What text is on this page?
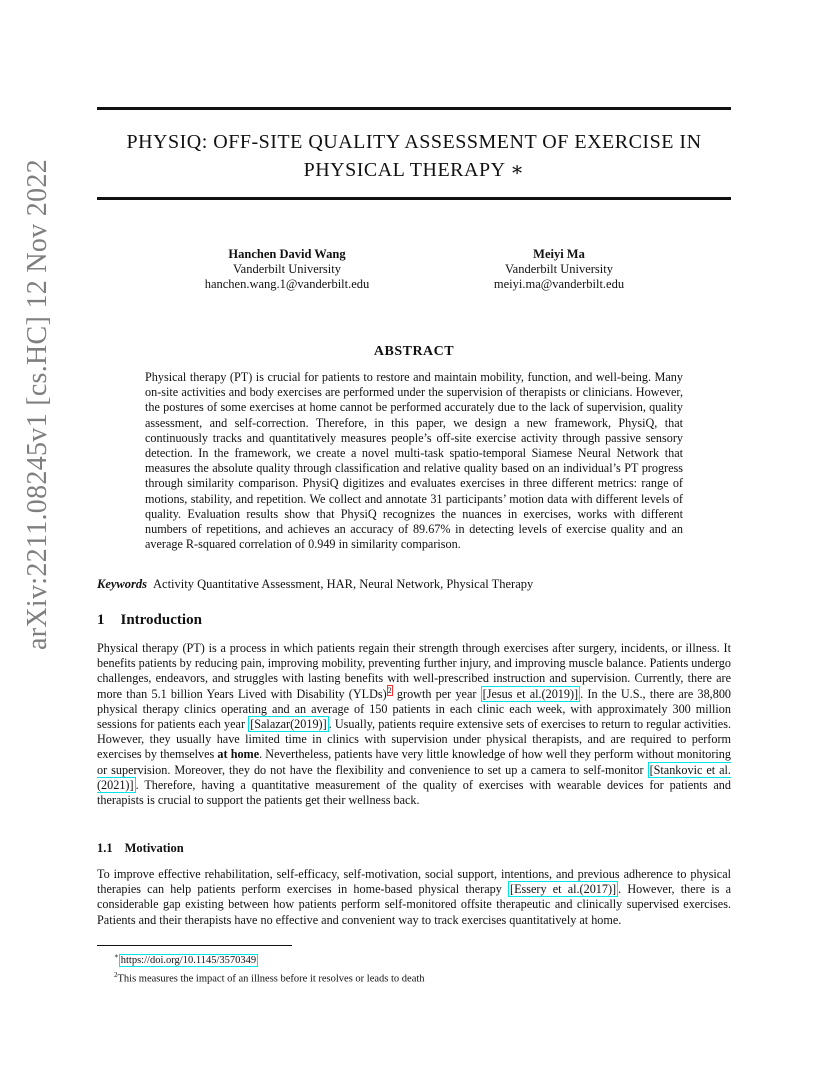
arXiv:2211.08245v1 [cs.HC] 12 Nov 2022
PHYSIQ: OFF-SITE QUALITY ASSESSMENT OF EXERCISE IN
PHYSICAL THERAPY ∗
Hanchen David Wang
Vanderbilt University
hanchen.wang.1@vanderbilt.edu
Meiyi Ma
Vanderbilt University
meiyi.ma@vanderbilt.edu
ABSTRACT
Physical therapy (PT) is crucial for patients to restore and maintain mobility, function, and well-being. Many on-site activities and body exercises are performed under the supervision of therapists or clinicians. However, the postures of some exercises at home cannot be performed accurately due to the lack of supervision, quality assessment, and self-correction. Therefore, in this paper, we design a new framework, PhysiQ, that continuously tracks and quantitatively measures people’s off-site exercise activity through passive sensory detection. In the framework, we create a novel multi-task spatio-temporal Siamese Neural Network that measures the absolute quality through classification and relative quality based on an individual’s PT progress through similarity comparison. PhysiQ digitizes and evaluates exercises in three different metrics: range of motions, stability, and repetition. We collect and annotate 31 participants’ motion data with different levels of quality. Evaluation results show that PhysiQ recognizes the nuances in exercises, works with different numbers of repetitions, and achieves an accuracy of 89.67% in detecting levels of exercise quality and an average R-squared correlation of 0.949 in similarity comparison.
Keywords Activity Quantitative Assessment, HAR, Neural Network, Physical Therapy
1 Introduction
Physical therapy (PT) is a process in which patients regain their strength through exercises after surgery, incidents, or illness. It benefits patients by reducing pain, improving mobility, preventing further injury, and improving muscle balance. Patients undergo challenges, endeavors, and struggles with lasting benefits with well-prescribed instruction and supervision. Currently, there are more than 5.1 billion Years Lived with Disability (YLDs)$^2$ growth per year [Jesus et al.(2019)] . In the U.S., there are 38,800 physical therapy clinics operating and an average of 150 patients in each clinic each week, with approximately 300 million sessions for patients each year [Salazar(2019)] . Usually, patients require extensive sets of exercises to return to regular activities. However, they usually have limited time in clinics with supervision under physical therapists, and are required to perform exercises by themselves at home. Nevertheless, patients have very little knowledge of how well they perform without monitoring or supervision. Moreover, they do not have the flexibility and convenience to set up a camera to self-monitor [Stankovic et al.(2021)] . Therefore, having a quantitative measurement of the quality of exercises with wearable devices for patients and therapists is crucial to support the patients get their wellness back.
1.1 Motivation
To improve effective rehabilitation, self-efficacy, self-motivation, social support, intentions, and previous adherence to physical therapies can help patients perform exercises in home-based physical therapy [Essery et al.(2017)] . However, there is a considerable gap existing between how patients perform self-monitored offsite therapeutic and clinically supervised exercises. Patients and their therapists have no effective and convenient way to track exercises quantitatively at home.
∗ https://doi.org/10.1145/3570349
$^2$This measures the impact of an illness before it resolves or leads to death
